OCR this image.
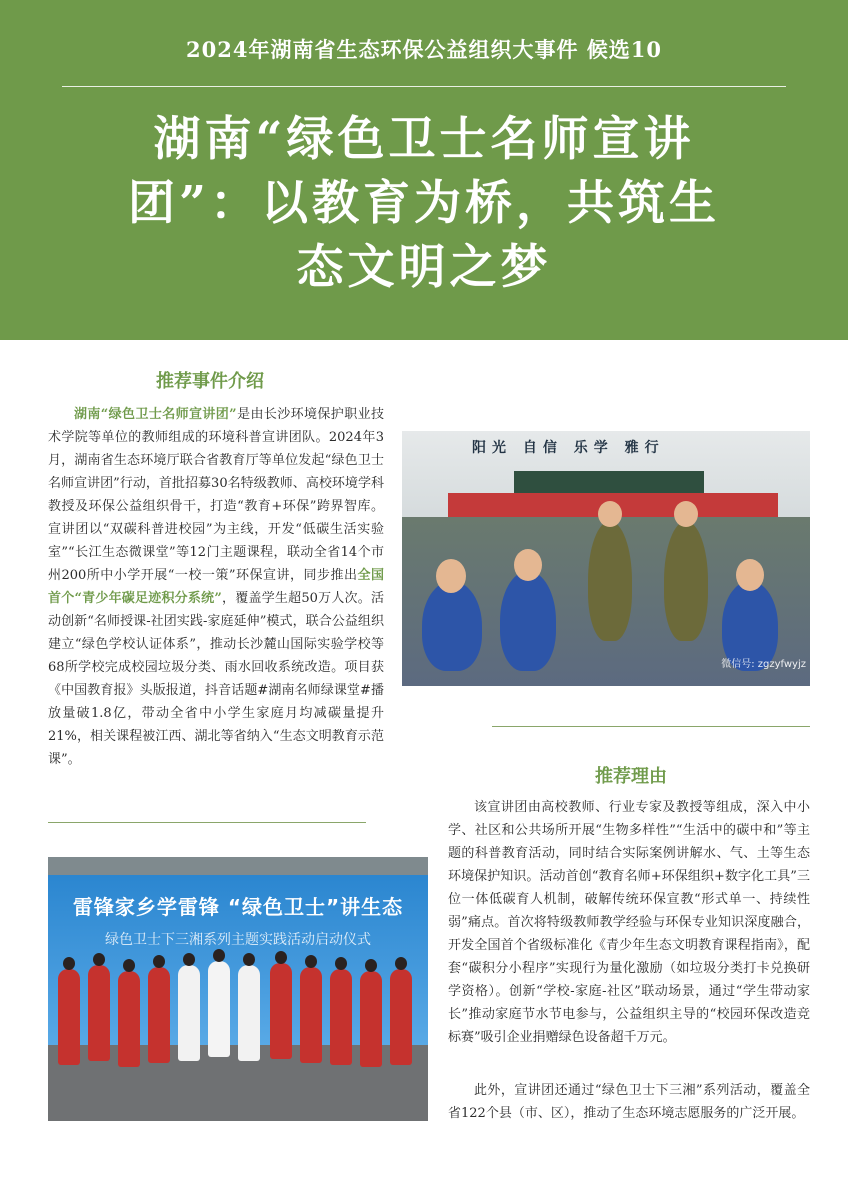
2024年湖南省生态环保公益组织大事件 候选10
湖南“绿色卫士名师宣讲
团”：以教育为桥，共筑生
态文明之梦
推荐事件介绍

湖南“绿色卫士名师宣讲团”是由长沙环境保护职业技术学院等单位的教师组成的环境科普宣讲团队。2024年3月，湖南省生态环境厅联合省教育厅等单位发起“绿色卫士名师宣讲团”行动，首批招募30名特级教师、高校环境学科教授及环保公益组织骨干，打造“教育+环保”跨界智库。宣讲团以“双碳科普进校园”为主线，开发“低碳生活实验室”“长江生态微课堂”等12门主题课程，联动全省14个市州200所中小学开展“一校一策”环保宣讲，同步推出全国首个“青少年碳足迹积分系统”，覆盖学生超50万人次。活动创新“名师授课-社团实践-家庭延伸”模式，联合公益组织建立“绿色学校认证体系”，推动长沙麓山国际实验学校等68所学校完成校园垃圾分类、雨水回收系统改造。项目获《中国教育报》头版报道，抖音话题#湖南名师绿课堂#播放量破1.8亿，带动全省中小学生家庭月均减碳量提升21%，相关课程被江西、湖北等省纳入“生态文明教育示范课”。

阳光 自信 乐学 雅行
微信号: zgzyfwyjz
雷锋家乡学雷锋 “绿色卫士”讲生态
绿色卫士下三湘系列主题实践活动启动仪式
推荐理由

该宣讲团由高校教师、行业专家及教授等组成，深入中小学、社区和公共场所开展“生物多样性”“生活中的碳中和”等主题的科普教育活动，同时结合实际案例讲解水、气、土等生态环境保护知识。活动首创“教育名师+环保组织+数字化工具”三位一体低碳育人机制，破解传统环保宣教“形式单一、持续性弱”痛点。首次将特级教师教学经验与环保专业知识深度融合，开发全国首个省级标准化《青少年生态文明教育课程指南》，配套“碳积分小程序”实现行为量化激励（如垃圾分类打卡兑换研学资格）。创新“学校-家庭-社区”联动场景，通过“学生带动家长”推动家庭节水节电参与，公益组织主导的“校园环保改造竞标赛”吸引企业捐赠绿色设备超千万元。

此外，宣讲团还通过“绿色卫士下三湘”系列活动，覆盖全省122个县（市、区），推动了生态环境志愿服务的广泛开展。
